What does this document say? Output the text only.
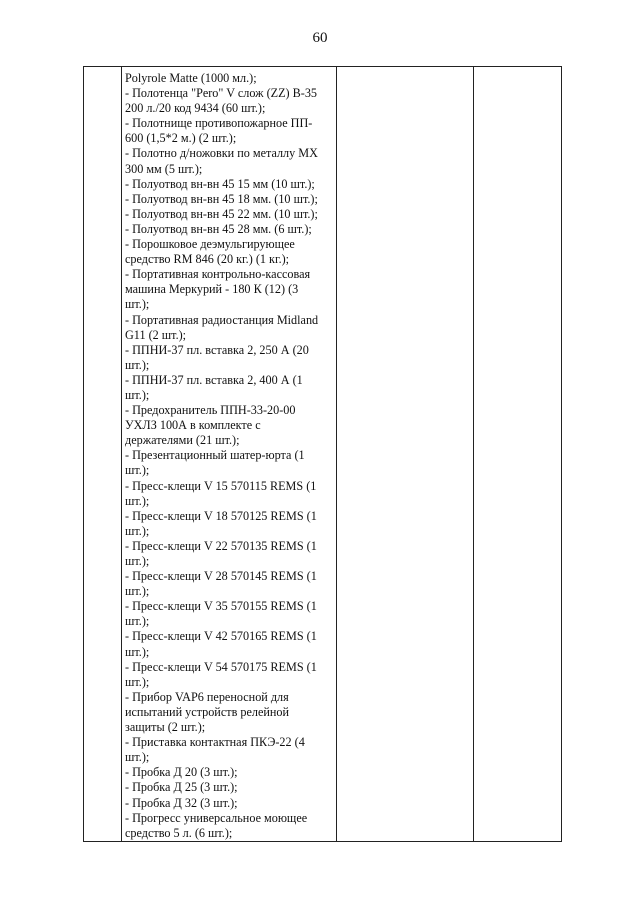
60

Polyrole Matte (1000 мл.);
- Полотенца "Pero" V слож (ZZ) B-35
200 л./20 код 9434 (60 шт.);
- Полотнище противопожарное ПП-
600 (1,5*2 м.) (2 шт.);
- Полотно д/ножовки по металлу МХ
300 мм (5 шт.);
- Полуотвод вн-вн 45 15 мм (10 шт.);
- Полуотвод вн-вн 45 18 мм. (10 шт.);
- Полуотвод вн-вн 45 22 мм. (10 шт.);
- Полуотвод вн-вн 45 28 мм. (6 шт.);
- Порошковое деэмульгирующее
средство RM 846 (20 кг.) (1 кг.);
- Портативная контрольно-кассовая
машина Меркурий - 180 К (12) (3
шт.);
- Портативная радиостанция Midland
G11 (2 шт.);
- ППНИ-37 пл. вставка 2, 250 А (20
шт.);
- ППНИ-37 пл. вставка 2, 400 А (1
шт.);
- Предохранитель ППН-33-20-00
УХЛЗ 100А в комплекте с
держателями (21 шт.);
- Презентационный шатер-юрта (1
шт.);
- Пресс-клещи V 15 570115 REMS (1
шт.);
- Пресс-клещи V 18 570125 REMS (1
шт.);
- Пресс-клещи V 22 570135 REMS (1
шт.);
- Пресс-клещи V 28 570145 REMS (1
шт.);
- Пресс-клещи V 35 570155 REMS (1
шт.);
- Пресс-клещи V 42 570165 REMS (1
шт.);
- Пресс-клещи V 54 570175 REMS (1
шт.);
- Прибор VAP6 переносной для
испытаний устройств релейной
защиты (2 шт.);
- Приставка контактная ПКЭ-22 (4
шт.);
- Пробка Д 20 (3 шт.);
- Пробка Д 25 (3 шт.);
- Пробка Д 32 (3 шт.);
- Прогресс универсальное моющее
средство 5 л. (6 шт.);
